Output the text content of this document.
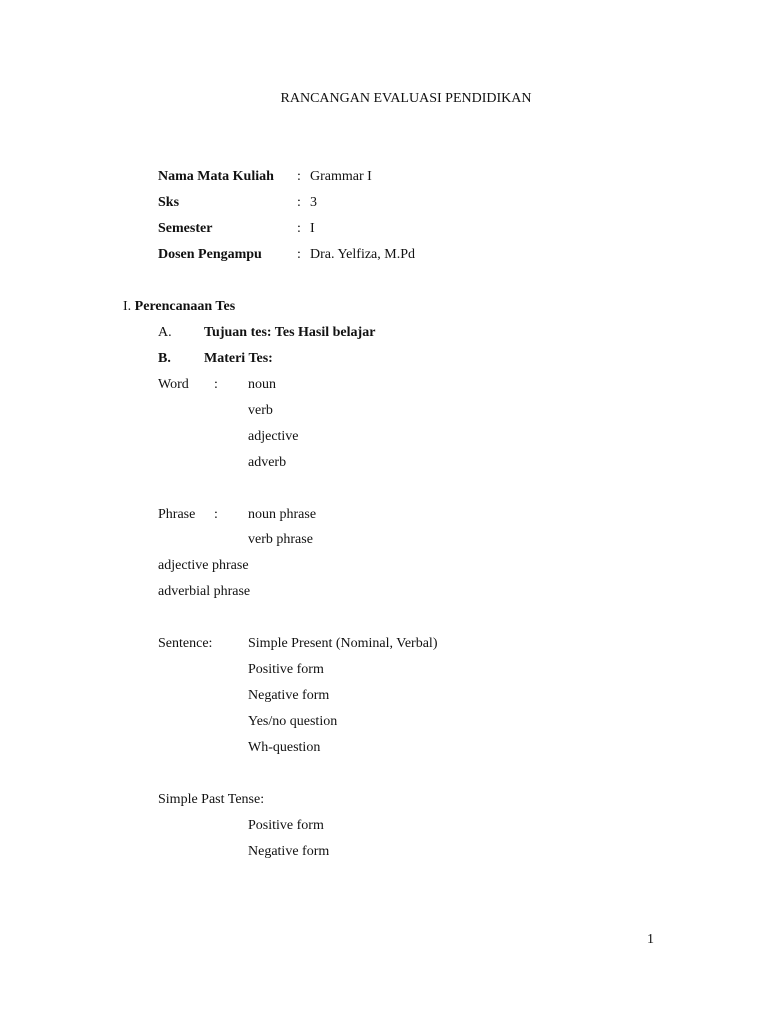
RANCANGAN EVALUASI PENDIDIKAN
Nama Mata Kuliah : Grammar I
Sks	: 3
Semester	: I
Dosen Pengampu	: Dra. Yelfiza, M.Pd
I. Perencanaan Tes
A. Tujuan tes: Tes Hasil belajar
B. Materi Tes:
Word : noun
verb
adjective
adverb
Phrase : noun phrase
verb phrase
adjective phrase
adverbial phrase
Sentence:	Simple Present (Nominal, Verbal)
Positive form
Negative form
Yes/no question
Wh-question
Simple Past Tense:
Positive form
Negative form
1
